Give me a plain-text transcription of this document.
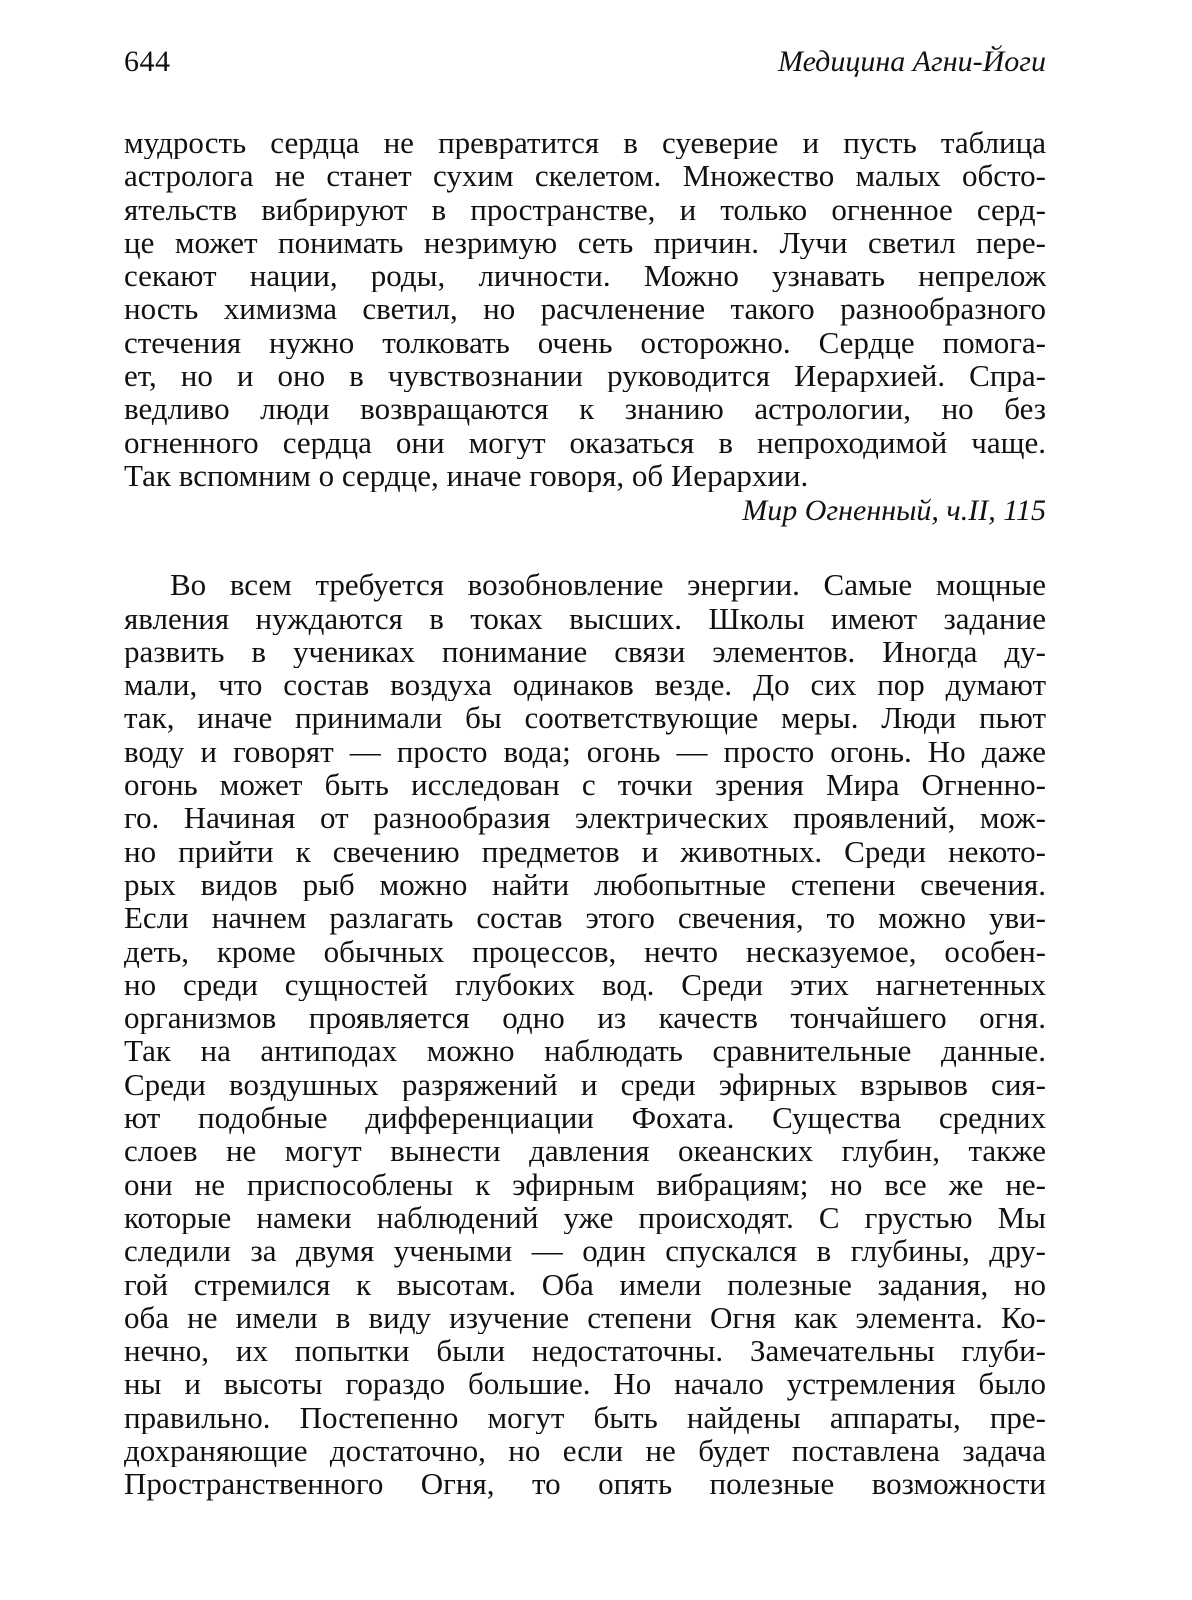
644	Медицина Агни-Йоги
мудрость сердца не превратится в суеверие и пусть таблица
астролога не станет сухим скелетом. Множество малых обсто-
ятельств вибрируют в пространстве, и только огненное серд-
це может понимать незримую сеть причин. Лучи светил пере-
секают нации, роды, личности. Можно узнавать непрелож
ность химизма светил, но расчленение такого разнообразного
стечения нужно толковать очень осторожно. Сердце помога-
ет, но и оно в чувствознании руководится Иерархией. Спра-
ведливо люди возвращаются к знанию астрологии, но без
огненного сердца они могут оказаться в непроходимой чаще.
Так вспомним о сердце, иначе говоря, об Иерархии.
Мир Огненный, ч.II, 115
Во всем требуется возобновление энергии. Самые мощные
явления нуждаются в токах высших. Школы имеют задание
развить в учениках понимание связи элементов. Иногда ду-
мали, что состав воздуха одинаков везде. До сих пор думают
так, иначе принимали бы соответствующие меры. Люди пьют
воду и говорят — просто вода; огонь — просто огонь. Но даже
огонь может быть исследован с точки зрения Мира Огненно-
го. Начиная от разнообразия электрических проявлений, мож-
но прийти к свечению предметов и животных. Среди некото-
рых видов рыб можно найти любопытные степени свечения.
Если начнем разлагать состав этого свечения, то можно уви-
деть, кроме обычных процессов, нечто несказуемое, особен-
но среди сущностей глубоких вод. Среди этих нагнетенных
организмов проявляется одно из качеств тончайшего огня.
Так на антиподах можно наблюдать сравнительные данные.
Среди воздушных разряжений и среди эфирных взрывов сия-
ют подобные дифференциации Фохата. Существа средних
слоев не могут вынести давления океанских глубин, также
они не приспособлены к эфирным вибрациям; но все же не-
которые намеки наблюдений уже происходят. С грустью Мы
следили за двумя учеными — один спускался в глубины, дру-
гой стремился к высотам. Оба имели полезные задания, но
оба не имели в виду изучение степени Огня как элемента. Ко-
нечно, их попытки были недостаточны. Замечательны глуби-
ны и высоты гораздо большие. Но начало устремления было
правильно. Постепенно могут быть найдены аппараты, пре-
дохраняющие достаточно, но если не будет поставлена задача
Пространственного Огня, то опять полезные возможности
